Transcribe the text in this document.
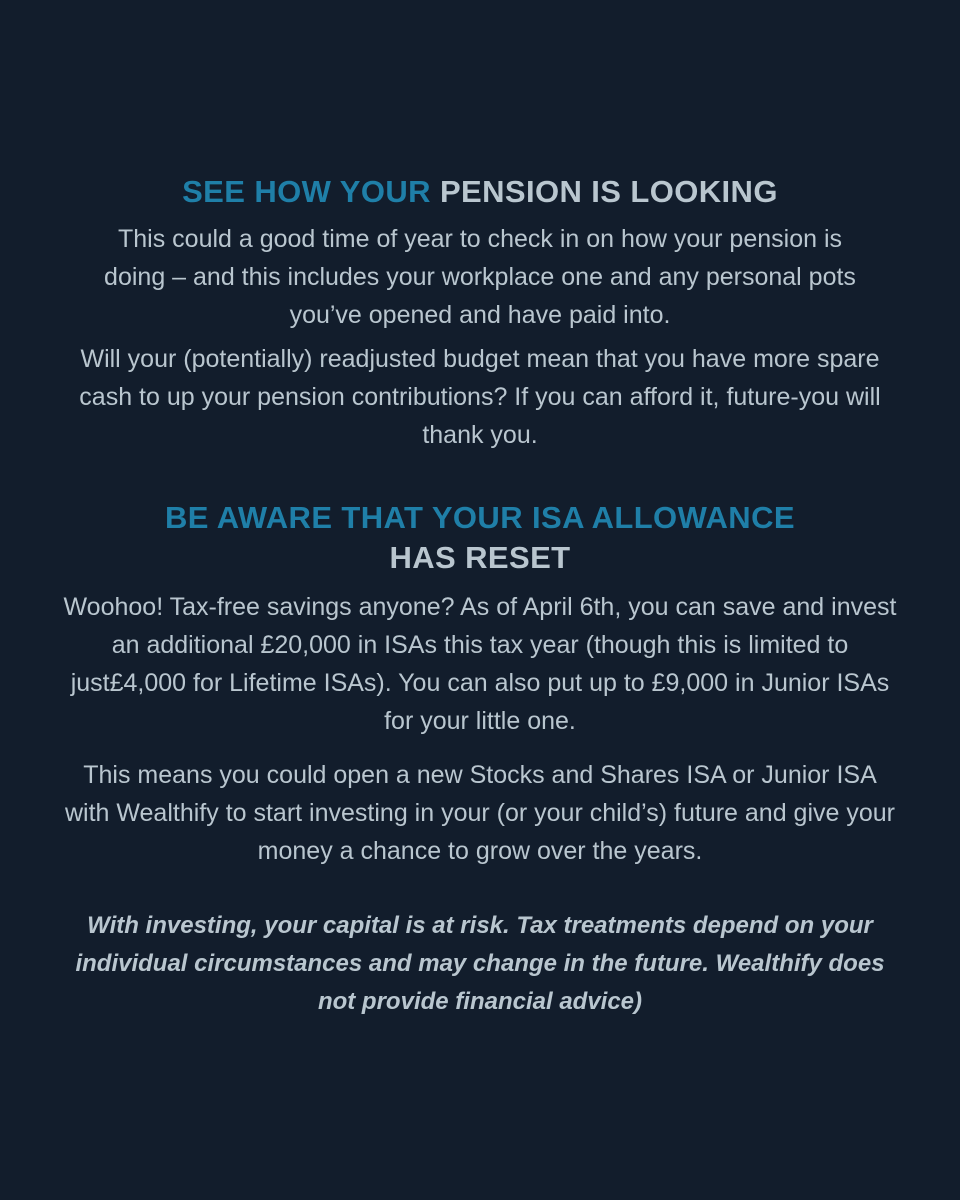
SEE HOW YOUR PENSION IS LOOKING

This could a good time of year to check in on how your pension is doing – and this includes your workplace one and any personal pots you’ve opened and have paid into.

Will your (potentially) readjusted budget mean that you have more spare cash to up your pension contributions? If you can afford it, future-you will thank you.

BE AWARE THAT YOUR ISA ALLOWANCE
HAS RESET

Woohoo! Tax-free savings anyone? As of April 6th, you can save and invest an additional £20,000 in ISAs this tax year (though this is limited to just£4,000 for Lifetime ISAs). You can also put up to £9,000 in Junior ISAs for your little one.

This means you could open a new Stocks and Shares ISA or Junior ISA with Wealthify to start investing in your (or your child’s) future and give your money a chance to grow over the years.

With investing, your capital is at risk. Tax treatments depend on your individual circumstances and may change in the future. Wealthify does not provide financial advice)
